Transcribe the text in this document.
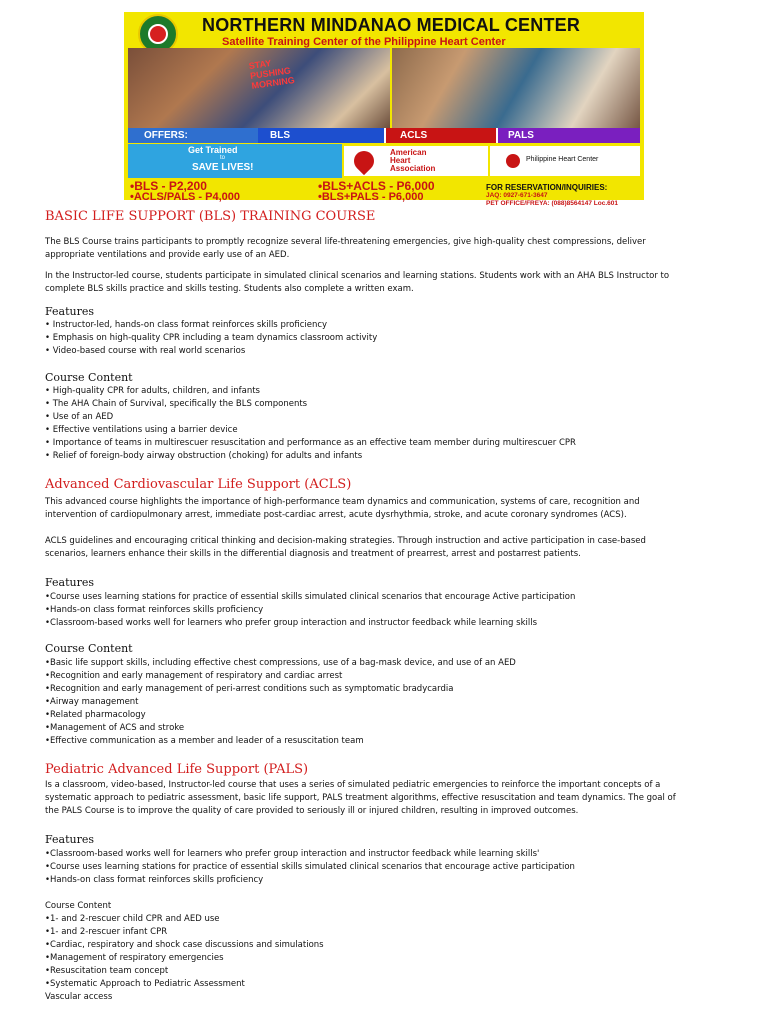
NORTHERN MINDANAO MEDICAL CENTER
Satellite Training Center of the Philippine Heart Center
STAY
PUSHING
MORNING
OFFERS:	BLS	ACLS	PALS
Get Trained
to
SAVE LIVES!
American
Heart
Association
Philippine Heart Center
•BLS - P2,200
•ACLS/PALS - P4,000
•BLS+ACLS - P6,000
•BLS+PALS - P6,000
FOR RESERVATION/INQUIRIES:
JAQ: 0927-671-3647
PET OFFICE/FREYA: (088)8564147 Loc.601
BASIC LIFE SUPPORT (BLS) TRAINING COURSE
The BLS Course trains participants to promptly recognize several life-threatening emergencies, give high-quality chest compressions, deliver
appropriate ventilations and provide early use of an AED.
In the Instructor-led course, students participate in simulated clinical scenarios and learning stations. Students work with an AHA BLS Instructor to
complete BLS skills practice and skills testing. Students also complete a written exam.
Features
• Instructor-led, hands-on class format reinforces skills proficiency
• Emphasis on high-quality CPR including a team dynamics classroom activity
• Video-based course with real world scenarios
Course Content
• High-quality CPR for adults, children, and infants
• The AHA Chain of Survival, specifically the BLS components
• Use of an AED
• Effective ventilations using a barrier device
• Importance of teams in multirescuer resuscitation and performance as an effective team member during multirescuer CPR
• Relief of foreign-body airway obstruction (choking) for adults and infants
Advanced Cardiovascular Life Support (ACLS)
This advanced course highlights the importance of high-performance team dynamics and communication, systems of care, recognition and
intervention of cardiopulmonary arrest, immediate post-cardiac arrest, acute dysrhythmia, stroke, and acute coronary syndromes (ACS).
ACLS guidelines and encouraging critical thinking and decision-making strategies. Through instruction and active participation in case-based
scenarios, learners enhance their skills in the differential diagnosis and treatment of prearrest, arrest and postarrest patients.
Features
•Course uses learning stations for practice of essential skills simulated clinical scenarios that encourage Active participation
•Hands-on class format reinforces skills proficiency
•Classroom-based works well for learners who prefer group interaction and instructor feedback while learning skills
Course Content
•Basic life support skills, including effective chest compressions, use of a bag-mask device, and use of an AED
•Recognition and early management of respiratory and cardiac arrest
•Recognition and early management of peri-arrest conditions such as symptomatic bradycardia
•Airway management
•Related pharmacology
•Management of ACS and stroke
•Effective communication as a member and leader of a resuscitation team
Pediatric Advanced Life Support (PALS)
Is a classroom, video-based, Instructor-led course that uses a series of simulated pediatric emergencies to reinforce the important concepts of a
systematic approach to pediatric assessment, basic life support, PALS treatment algorithms, effective resuscitation and team dynamics. The goal of
the PALS Course is to improve the quality of care provided to seriously ill or injured children, resulting in improved outcomes.
Features
•Classroom-based works well for learners who prefer group interaction and instructor feedback while learning skills'
•Course uses learning stations for practice of essential skills simulated clinical scenarios that encourage active participation
•Hands-on class format reinforces skills proficiency
Course Content
•1- and 2-rescuer child CPR and AED use
•1- and 2-rescuer infant CPR
•Cardiac, respiratory and shock case discussions and simulations
•Management of respiratory emergencies
•Resuscitation team concept
•Systematic Approach to Pediatric Assessment
Vascular access
